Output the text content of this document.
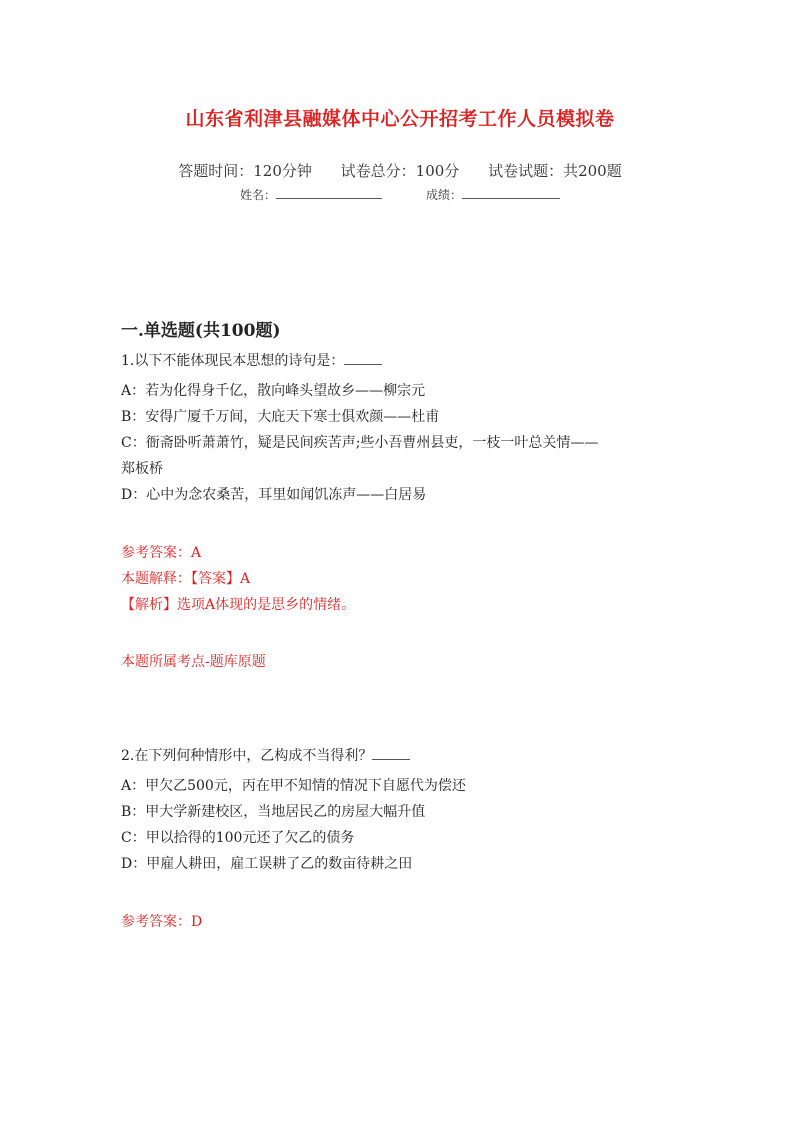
山东省利津县融媒体中心公开招考工作人员模拟卷
答题时间：120分钟 试卷总分：100分 试卷试题：共200题
姓名：	成绩：
一.单选题(共100题)
1.以下不能体现民本思想的诗句是：
A：若为化得身千亿，散向峰头望故乡——柳宗元
B：安得广厦千万间，大庇天下寒士俱欢颜——杜甫
C：衙斋卧听萧萧竹，疑是民间疾苦声;些小吾曹州县吏，一枝一叶总关情——
郑板桥
D：心中为念农桑苦，耳里如闻饥冻声——白居易
参考答案：A
本题解释：【答案】A
【解析】选项A体现的是思乡的情绪。
本题所属考点-题库原题
2.在下列何种情形中，乙构成不当得利？
A：甲欠乙500元，丙在甲不知情的情况下自愿代为偿还
B：甲大学新建校区，当地居民乙的房屋大幅升值
C：甲以拾得的100元还了欠乙的债务
D：甲雇人耕田，雇工误耕了乙的数亩待耕之田
参考答案：D
